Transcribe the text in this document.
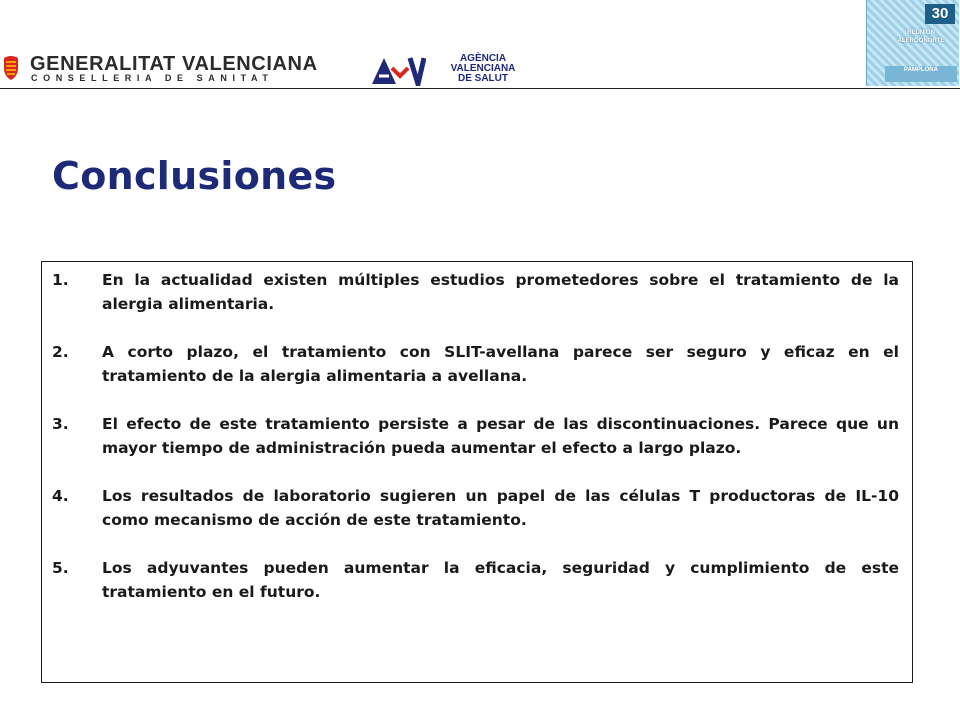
GENERALITAT VALENCIANA
CONSELLERIA DE SANITAT
AGÈNCIA
VALENCIANA
DE SALUT
30
REUNIÓN
ALERGONORTE
PAMPLONA
Conclusiones
1.	En la actualidad existen múltiples estudios prometedores sobre el tratamiento de la alergia alimentaria.
2.	A corto plazo, el tratamiento con SLIT-avellana parece ser seguro y eficaz en el tratamiento de la alergia alimentaria a avellana.
3.	El efecto de este tratamiento persiste a pesar de las discontinuaciones. Parece que un mayor tiempo de administración pueda aumentar el efecto a largo plazo.
4.	Los resultados de laboratorio sugieren un papel de las células T productoras de IL-10 como mecanismo de acción de este tratamiento.
5.	Los adyuvantes pueden aumentar la eficacia, seguridad y cumplimiento de este tratamiento en el futuro.
